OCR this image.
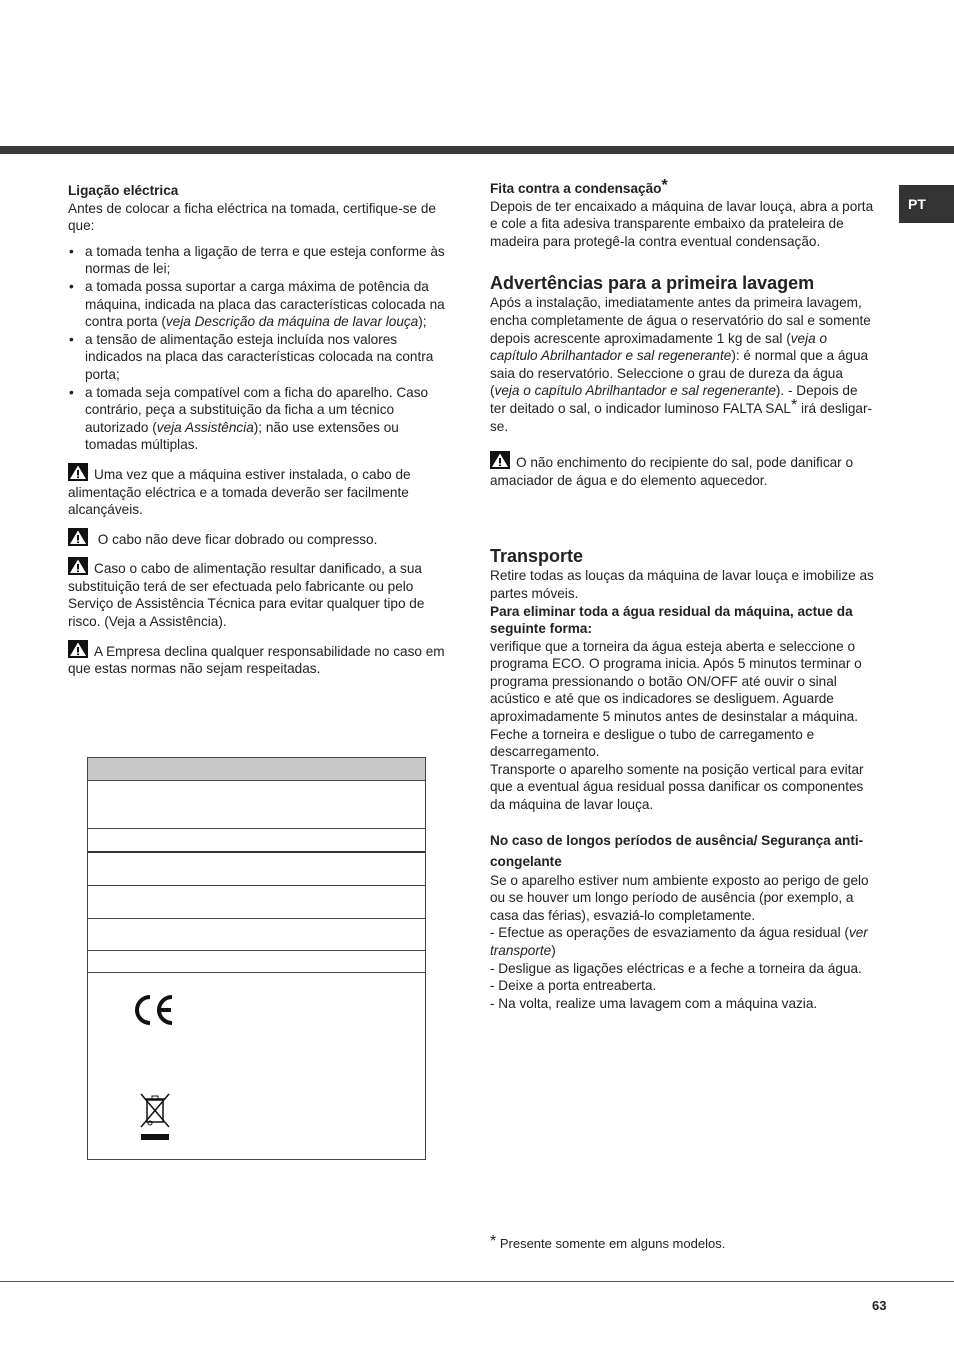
PT

Ligação eléctrica

Antes de colocar a ficha eléctrica na tomada, certifique-se de que:

• a tomada tenha a ligação de terra e que esteja conforme às normas de lei;
• a tomada possa suportar a carga máxima de potência da máquina, indicada na placa das características colocada na contra porta (veja Descrição da máquina de lavar louça);
• a tensão de alimentação esteja incluída nos valores indicados na placa das características colocada na contra porta;
• a tomada seja compatível com a ficha do aparelho. Caso contrário, peça a substituição da ficha a um técnico autorizado (veja Assistência); não use extensões ou tomadas múltiplas.

Uma vez que a máquina estiver instalada, o cabo de alimentação eléctrica e a tomada deverão ser facilmente alcançáveis.

O cabo não deve ficar dobrado ou compresso.

Caso o cabo de alimentação resultar danificado, a sua substituição terá de ser efectuada pelo fabricante ou pelo Serviço de Assistência Técnica para evitar qualquer tipo de risco. (Veja a Assistência).

A Empresa declina qualquer responsabilidade no caso em que estas normas não sejam respeitadas.

Fita contra a condensação*

Depois de ter encaixado a máquina de lavar louça, abra a porta e cole a fita adesiva transparente embaixo da prateleira de madeira para protegê-la contra eventual condensação.

Advertências para a primeira lavagem

Após a instalação, imediatamente antes da primeira lavagem, encha completamente de água o reservatório do sal e somente depois acrescente aproximadamente 1 kg de sal (veja o capítulo Abrilhantador e sal regenerante): é normal que a água saia do reservatório. Seleccione o grau de dureza da água (veja o capítulo Abrilhantador e sal regenerante). - Depois de ter deitado o sal, o indicador luminoso FALTA SAL* irá desligar-se.

O não enchimento do recipiente do sal, pode danificar o amaciador de água e do elemento aquecedor.

Transporte

Retire todas as louças da máquina de lavar louça e imobilize as partes móveis.

Para eliminar toda a água residual da máquina, actue da seguinte forma:

verifique que a torneira da água esteja aberta e seleccione o programa ECO. O programa inicia. Após 5 minutos terminar o programa pressionando o botão ON/OFF até ouvir o sinal acústico e até que os indicadores se desliguem. Aguarde aproximadamente 5 minutos antes de desinstalar a máquina. Feche a torneira e desligue o tubo de carregamento e descarregamento.

Transporte o aparelho somente na posição vertical para evitar que a eventual água residual possa danificar os componentes da máquina de lavar louça.

No caso de longos períodos de ausência/ Segurança anti-congelante

Se o aparelho estiver num ambiente exposto ao perigo de gelo ou se houver um longo período de ausência (por exemplo, a casa das férias), esvaziá-lo completamente.

- Efectue as operações de esvaziamento da água residual (ver transporte)

- Desligue as ligações eléctricas e a feche a torneira da água.

- Deixe a porta entreaberta.

- Na volta, realize uma lavagem com a máquina vazia.

* Presente somente em alguns modelos.
63
